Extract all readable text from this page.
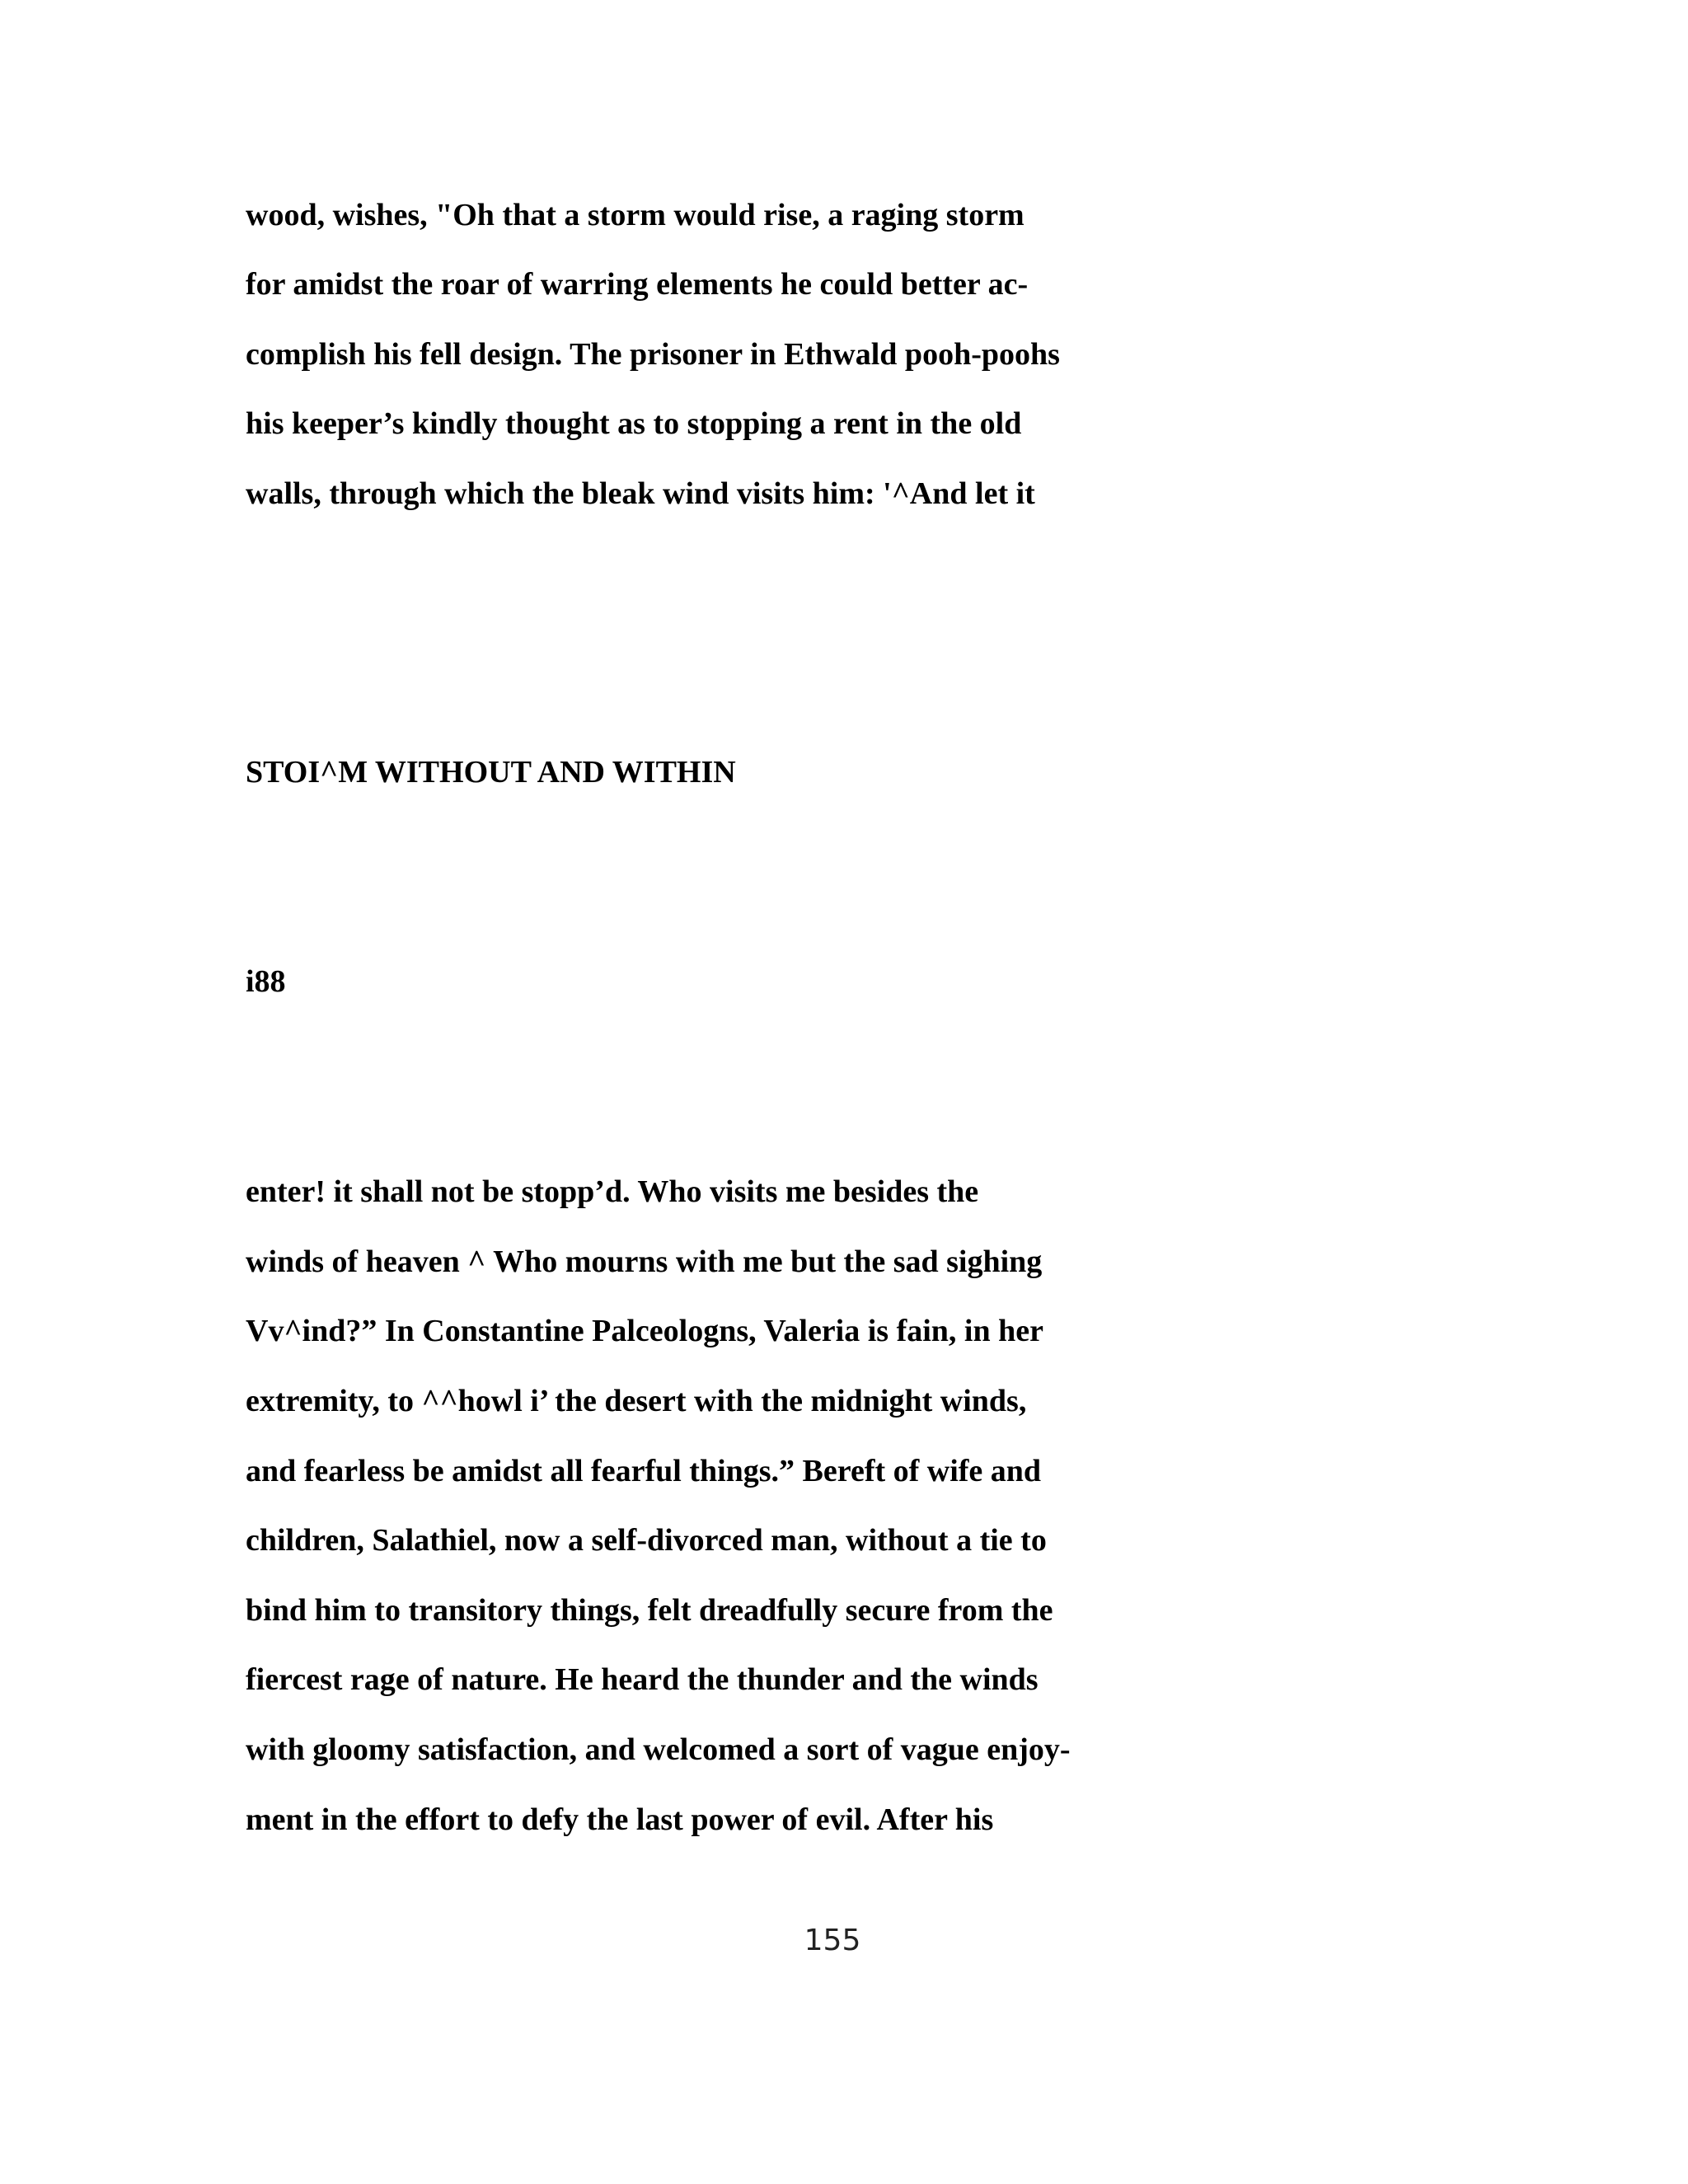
wood, wishes, "Oh that a storm would rise, a raging storm

for amidst the roar of warring elements he could better ac-

complish his fell design. The prisoner in Ethwald pooh-poohs

his keeper’s kindly thought as to stopping a rent in the old

walls, through which the bleak wind visits him: '^And let it

STOI^M WITHOUT AND WITHIN

i88

enter! it shall not be stopp’d. Who visits me besides the

winds of heaven ^ Who mourns with me but the sad sighing

Vv^ind?” In Constantine Palceologns, Valeria is fain, in her

extremity, to ^^howl i’ the desert with the midnight winds,

and fearless be amidst all fearful things.” Bereft of wife and

children, Salathiel, now a self-divorced man, without a tie to

bind him to transitory things, felt dreadfully secure from the

fiercest rage of nature. He heard the thunder and the winds

with gloomy satisfaction, and welcomed a sort of vague enjoy-

ment in the effort to defy the last power of evil. After his

155
